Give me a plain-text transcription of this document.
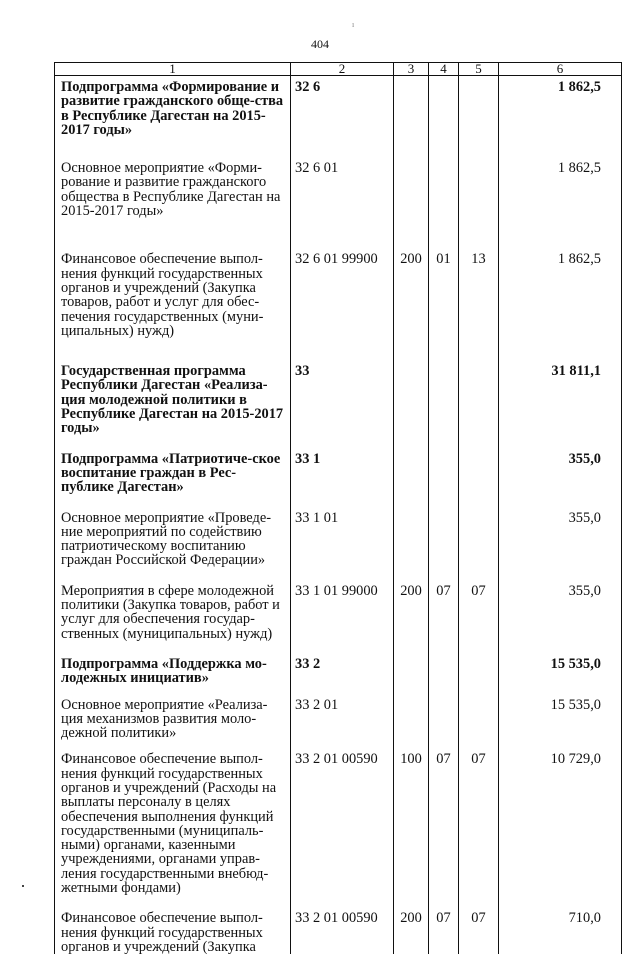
ı
404
1	2	3	4	5	6
Подпрограмма «Формирование и развитие гражданского обще-ства в Республике Дагестан на 2015-2017 годы»	32 6				1 862,5
Основное мероприятие «Форми-рование и развитие гражданского общества в Республике Дагестан на 2015-2017 годы»	32 6 01				1 862,5
Финансовое обеспечение выпол-нения функций государственных органов и учреждений (Закупка товаров, работ и услуг для обес-печения государственных (муни-ципальных) нужд)	32 6 01 99900	200	01	13	1 862,5
Государственная программа Республики Дагестан «Реализа-ция молодежной политики в Республике Дагестан на 2015-2017 годы»	33				31 811,1
Подпрограмма «Патриотиче-ское воспитание граждан в Рес-публике Дагестан»	33 1				355,0
Основное мероприятие «Проведе-ние мероприятий по содействию патриотическому воспитанию граждан Российской Федерации»	33 1 01				355,0
Мероприятия в сфере молодежной политики (Закупка товаров, работ и услуг для обеспечения государ-ственных (муниципальных) нужд)	33 1 01 99000	200	07	07	355,0
Подпрограмма «Поддержка мо-лодежных инициатив»	33 2				15 535,0
Основное мероприятие «Реализа-ция механизмов развития моло-дежной политики»	33 2 01				15 535,0
Финансовое обеспечение выпол-нения функций государственных органов и учреждений (Расходы на выплаты персоналу в целях обеспечения выполнения функций государственными (муниципаль-ными) органами, казенными учреждениями, органами управ-ления государственными внебюд-жетными фондами)	33 2 01 00590	100	07	07	10 729,0
Финансовое обеспечение выпол-нения функций государственных органов и учреждений (Закупка	33 2 01 00590	200	07	07	710,0
